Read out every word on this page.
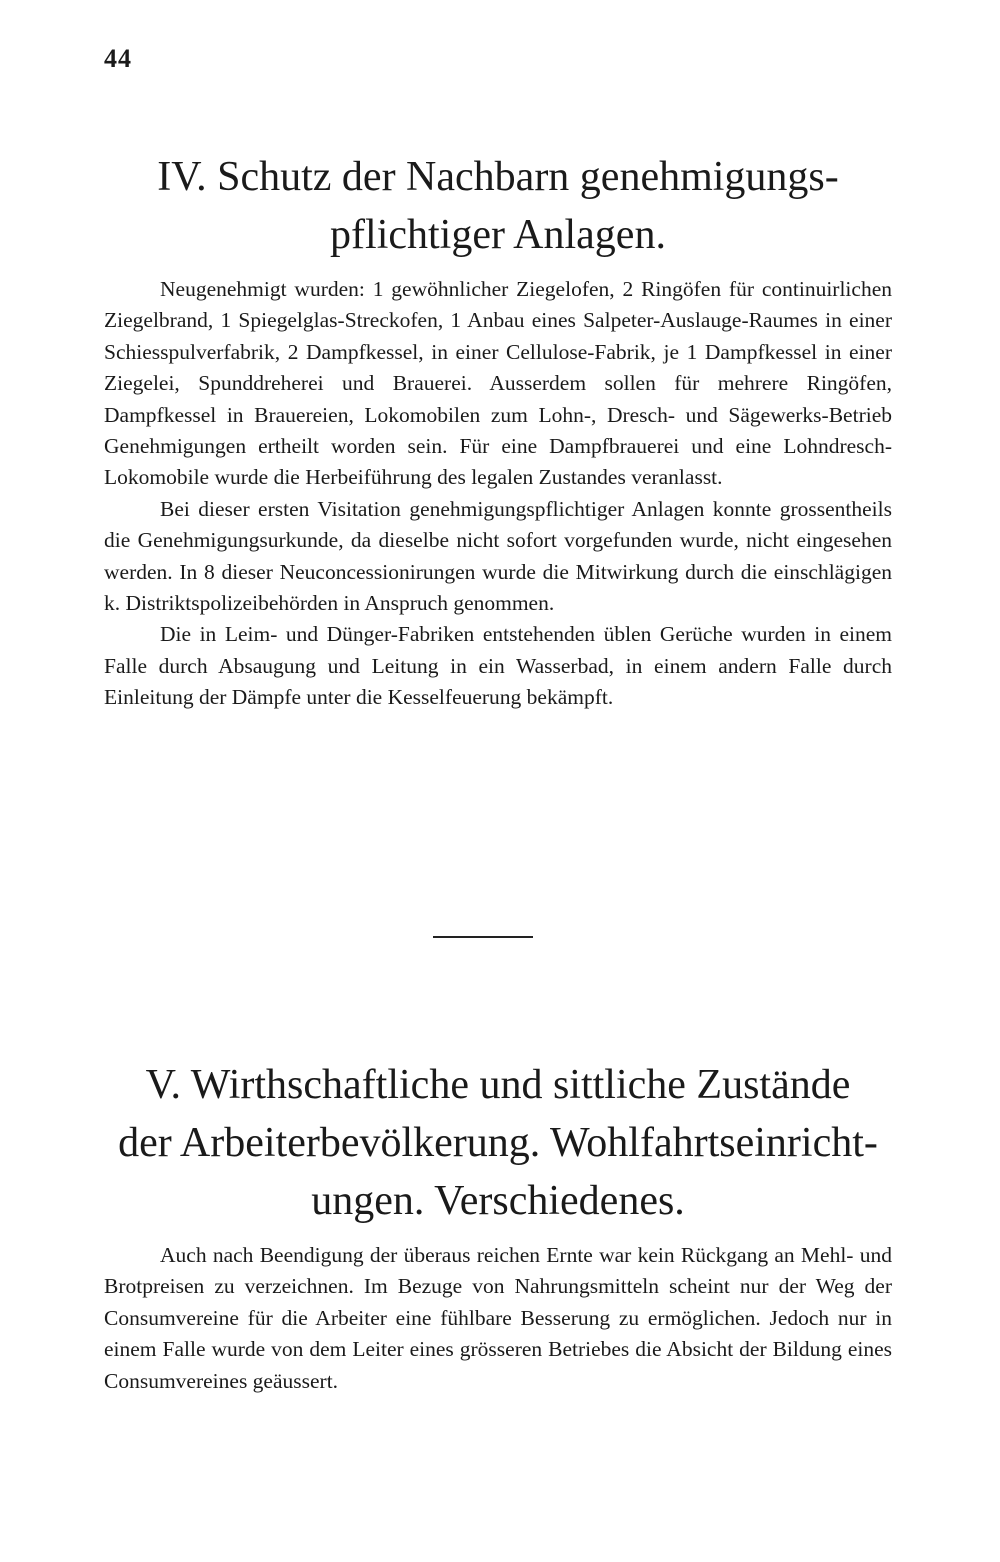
44
IV. Schutz der Nachbarn genehmigungs-
pflichtiger Anlagen.

Neugenehmigt wurden: 1 gewöhnlicher Ziegelofen, 2 Ringöfen für continuirlichen Ziegelbrand, 1 Spiegelglas-Streckofen, 1 Anbau eines Salpeter-Auslauge-Raumes in einer Schiesspulverfabrik, 2 Dampfkessel, in einer Cellulose-Fabrik, je 1 Dampfkessel in einer Ziegelei, Spunddreherei und Brauerei. Ausserdem sollen für mehrere Ringöfen, Dampfkessel in Brauereien, Lokomobilen zum Lohn-, Dresch- und Sägewerks-Betrieb Genehmigungen ertheilt worden sein. Für eine Dampfbrauerei und eine Lohndresch-Lokomobile wurde die Herbeiführung des legalen Zustandes veranlasst.

Bei dieser ersten Visitation genehmigungspflichtiger Anlagen konnte grossentheils die Genehmigungsurkunde, da dieselbe nicht sofort vorgefunden wurde, nicht eingesehen werden. In 8 dieser Neuconcessionirungen wurde die Mitwirkung durch die einschlägigen k. Distriktspolizeibehörden in Anspruch genommen.

Die in Leim- und Dünger-Fabriken entstehenden üblen Gerüche wurden in einem Falle durch Absaugung und Leitung in ein Wasserbad, in einem andern Falle durch Einleitung der Dämpfe unter die Kesselfeuerung bekämpft.

V. Wirthschaftliche und sittliche Zustände
der Arbeiterbevölkerung. Wohlfahrtseinricht-
ungen. Verschiedenes.

Auch nach Beendigung der überaus reichen Ernte war kein Rückgang an Mehl- und Brotpreisen zu verzeichnen. Im Bezuge von Nahrungsmitteln scheint nur der Weg der Consumvereine für die Arbeiter eine fühlbare Besserung zu ermöglichen. Jedoch nur in einem Falle wurde von dem Leiter eines grösseren Betriebes die Absicht der Bildung eines Consumvereines geäussert.
